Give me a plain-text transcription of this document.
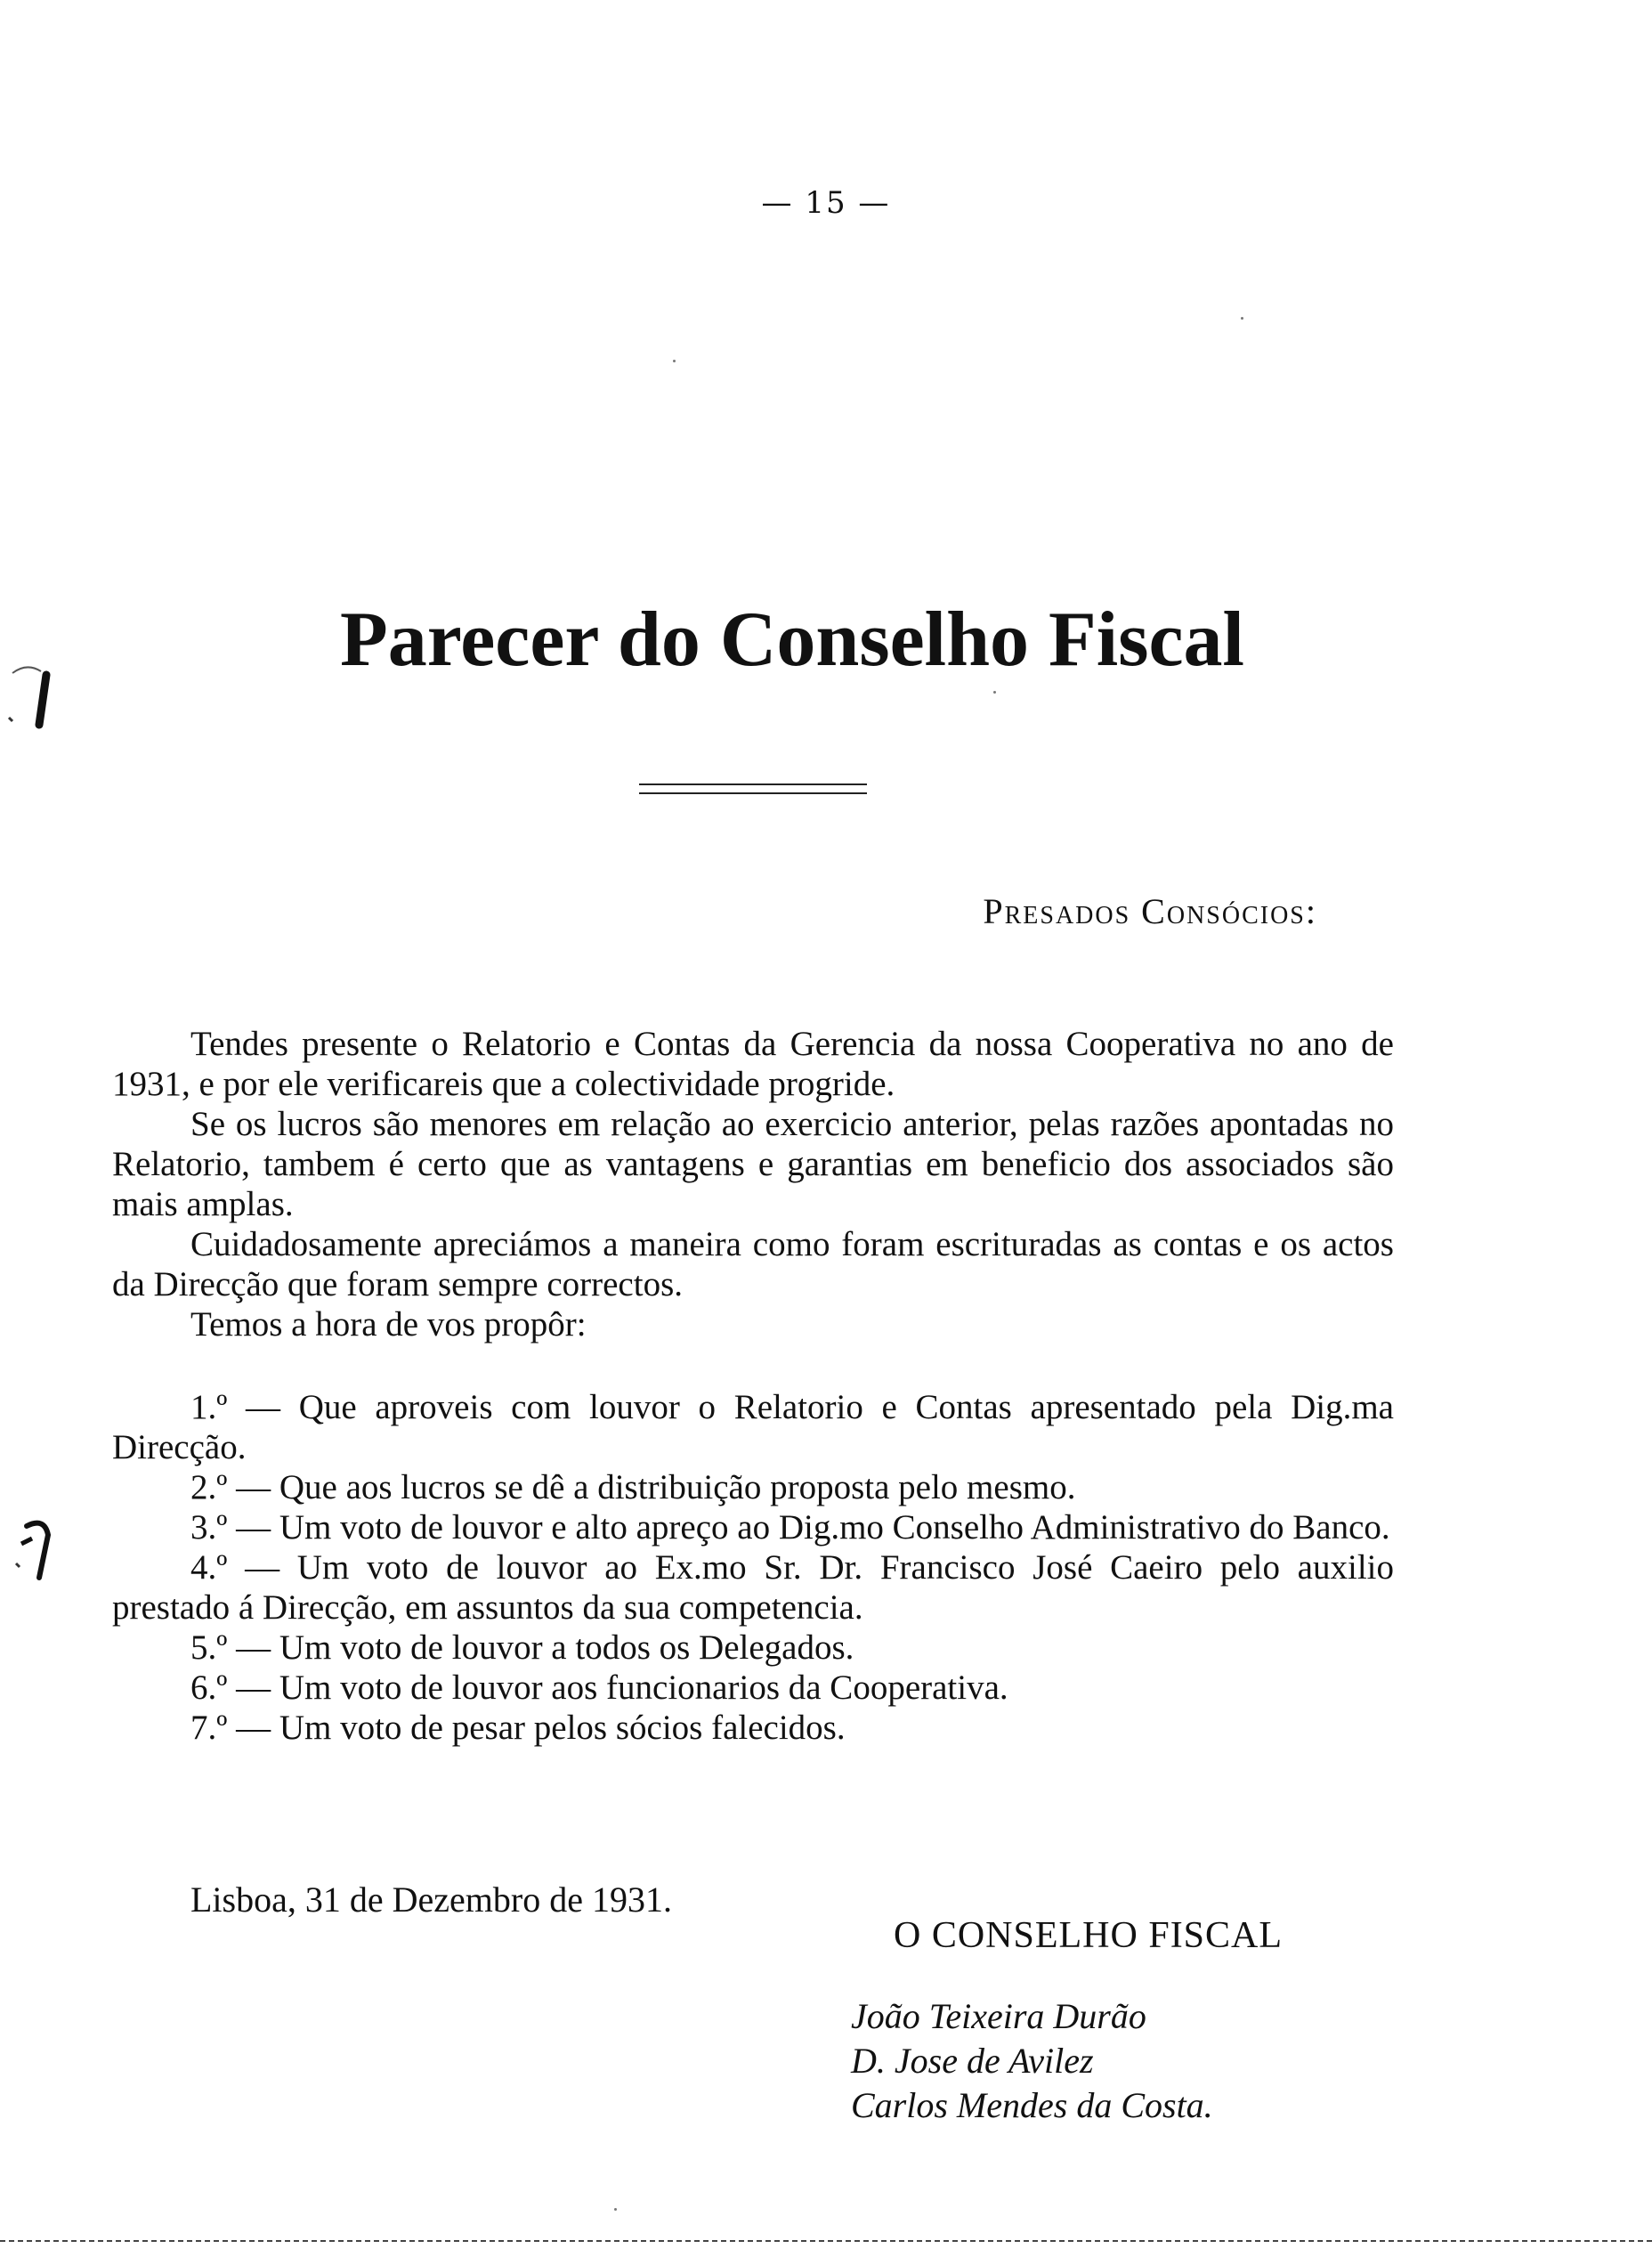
— 15 —
Parecer do Conselho Fiscal
Presados Consócios:

Tendes presente o Relatorio e Contas da Gerencia da nossa Cooperativa no ano de 1931, e por ele verificareis que a colectividade progride.

Se os lucros são menores em relação ao exercicio anterior, pelas razões apontadas no Relatorio, tambem é certo que as vantagens e garantias em beneficio dos associados são mais amplas.

Cuidadosamente apreciámos a maneira como foram escrituradas as contas e os actos da Direcção que foram sempre correctos.

Temos a hora de vos propôr:

1.º — Que aproveis com louvor o Relatorio e Contas apresentado pela Dig.ma Direcção.

2.º — Que aos lucros se dê a distribuição proposta pelo mesmo.

3.º — Um voto de louvor e alto apreço ao Dig.mo Conselho Administrativo do Banco.

4.º — Um voto de louvor ao Ex.mo Sr. Dr. Francisco José Caeiro pelo auxilio prestado á Direcção, em assuntos da sua competencia.

5.º — Um voto de louvor a todos os Delegados.

6.º — Um voto de louvor aos funcionarios da Cooperativa.

7.º — Um voto de pesar pelos sócios falecidos.

Lisboa, 31 de Dezembro de 1931.
O CONSELHO FISCAL
João Teixeira Durão
D. Jose de Avilez
Carlos Mendes da Costa.
